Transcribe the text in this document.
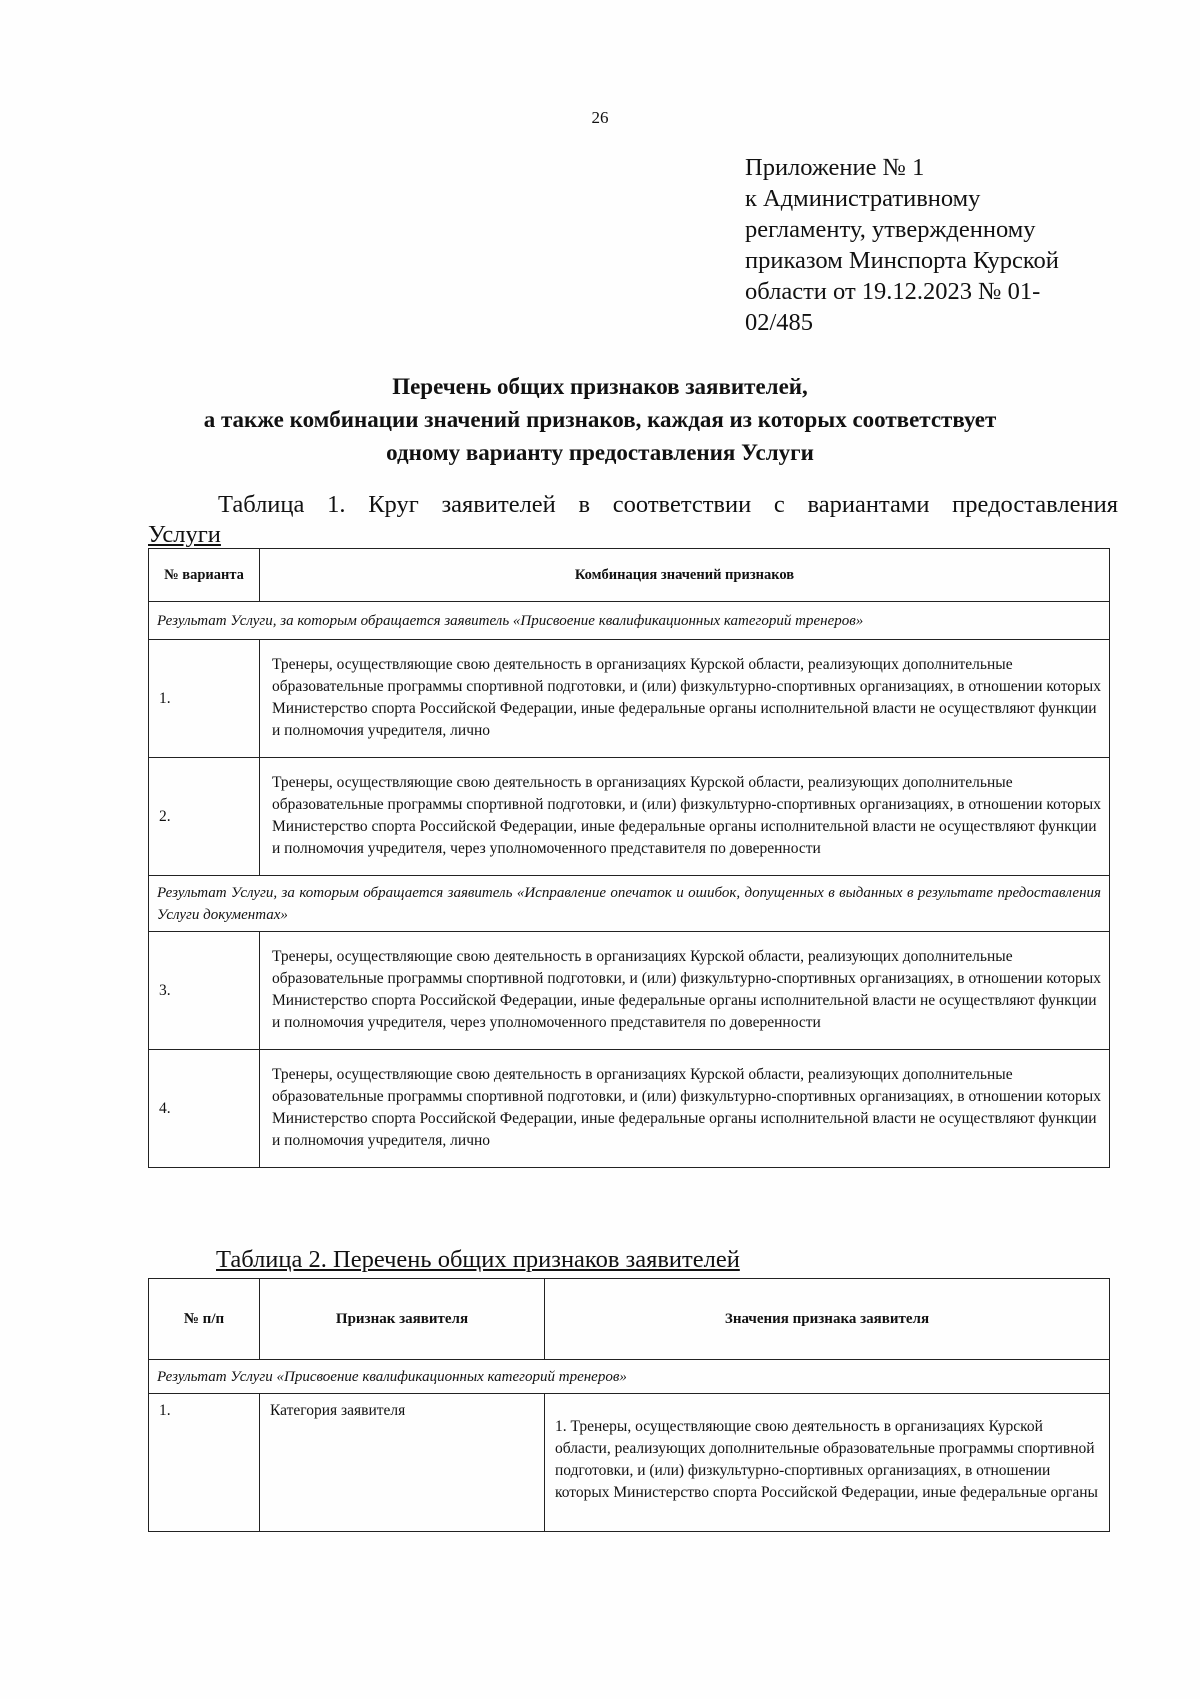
26
Приложение № 1
к Административному
регламенту, утвержденному
приказом Минспорта Курской
области от 19.12.2023 № 01-
02/485
Перечень общих признаков заявителей,
а также комбинации значений признаков, каждая из которых соответствует
одному варианту предоставления Услуги
Таблица 1. Круг заявителей в соответствии с вариантами предоставления
Услуги
№ варианта	Комбинация значений признаков
Результат Услуги, за которым обращается заявитель «Присвоение квалификационных категорий тренеров»	
1.	Тренеры, осуществляющие свою деятельность в организациях Курской области, реализующих дополнительные образовательные программы спортивной подготовки, и (или) физкультурно-спортивных организациях, в отношении которых Министерство спорта Российской Федерации, иные федеральные органы исполнительной власти не осуществляют функции и полномочия учредителя, лично
2.	Тренеры, осуществляющие свою деятельность в организациях Курской области, реализующих дополнительные образовательные программы спортивной подготовки, и (или) физкультурно-спортивных организациях, в отношении которых Министерство спорта Российской Федерации, иные федеральные органы исполнительной власти не осуществляют функции и полномочия учредителя, через уполномоченного представителя по доверенности
Результат Услуги, за которым обращается заявитель «Исправление опечаток и ошибок, допущенных в выданных в результате предоставления Услуги документах»	
3.	Тренеры, осуществляющие свою деятельность в организациях Курской области, реализующих дополнительные образовательные программы спортивной подготовки, и (или) физкультурно-спортивных организациях, в отношении которых Министерство спорта Российской Федерации, иные федеральные органы исполнительной власти не осуществляют функции и полномочия учредителя, через уполномоченного представителя по доверенности
4.	Тренеры, осуществляющие свою деятельность в организациях Курской области, реализующих дополнительные образовательные программы спортивной подготовки, и (или) физкультурно-спортивных организациях, в отношении которых Министерство спорта Российской Федерации, иные федеральные органы исполнительной власти не осуществляют функции и полномочия учредителя, лично
Таблица 2. Перечень общих признаков заявителей
№ п/п	Признак заявителя	Значения признака заявителя
Результат Услуги «Присвоение квалификационных категорий тренеров»		
1.	Категория заявителя	1. Тренеры, осуществляющие свою деятельность в организациях Курской области, реализующих дополнительные образовательные программы спортивной подготовки, и (или) физкультурно-спортивных организациях, в отношении которых Министерство спорта Российской Федерации, иные федеральные органы
